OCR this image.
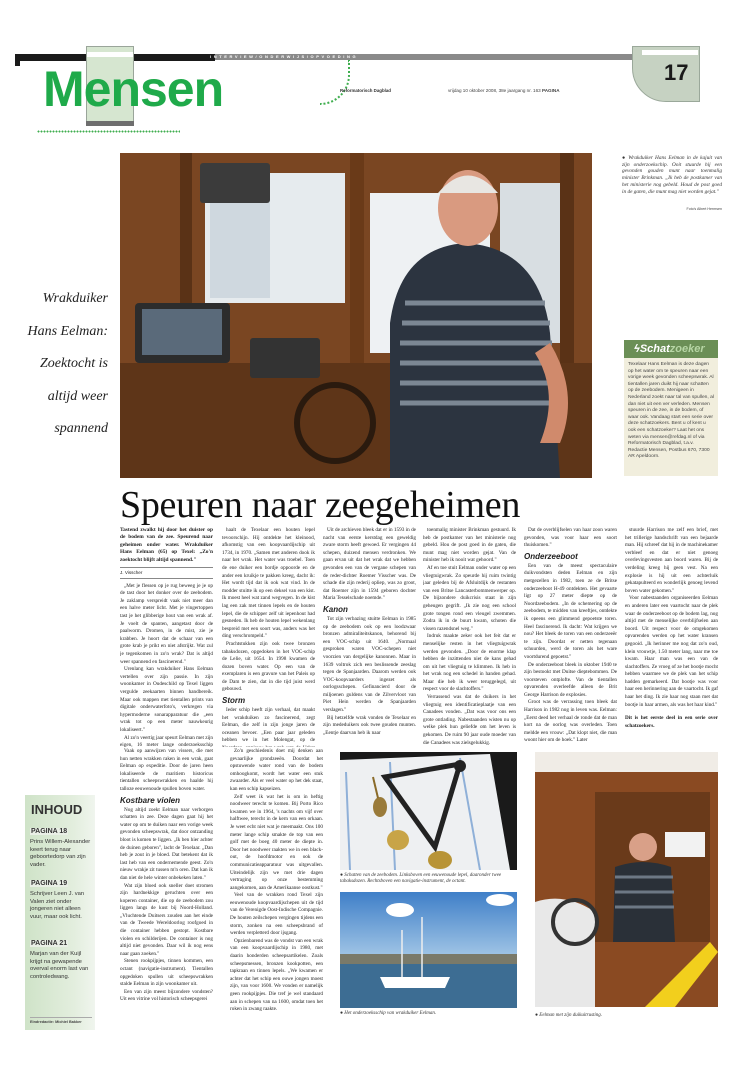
INTERVIEW/ONDERWIJS/OPVOEDING
Mensen	Reformatorisch Dagblad	vrijdag 10 oktober 2008, 38e jaargang nr. 163 PAGINA
17
Wrakduiker
Hans Eelman:
Zoektocht is
altijd weer
spannend
● Wrakduiker Hans Eelman in de kajuit van zijn onderzoekschip. Ooit stuurde hij een gevonden gouden munt naar toenmalig minister Brinkman. „Ik heb de postkamer van het ministerie nog gebeld. Houd de post goed in de gaten, die munt mag niet worden gejat."
Foto's Albert Hermsen
ϟSchatzoeker
Texelaar Hans Eelman is deze dagen op het water om te speuren naar een vorige week gevonden scheepswrak. Al tientallen jaren duikt hij naar schatten op de zeebodem. Menigeen in Nederland zoekt naar tal van spullen, al dan niet uit een ver verleden. Mensen speuren in de zee, in de bodem, of waar ook. Vandaag start een serie over deze schatzoekers. Bent u of kent u ook een schatzoeker? Laat het ons weten via mensen@refdag.nl of via Reformatorisch Dagblad, t.a.v. Redactie Mensen, Postbus 670, 7300 AR Apeldoorn.
Speuren naar zeegeheimen

Tastend zwalkt hij door het duister op de bodem van de zee. Speurend naar geheimen onder water. Wrakduiker Hans Eelman (65) op Texel: „Zo'n zoektocht blijft altijd spannend."

J. Visscher

„Met je flessen op je rug beweeg je je op de tast door het donker over de zeebodem. Je zaklamp verspreidt vaak niet meer dan een halve meter licht. Met je vingertoppen tast je het glibberige hout van een wrak af. Je voelt de spanten, aangetast door de paalworm. Dromen, in de mist, zie je krabben. Je hoort dat de schaar van een grote krab je prikt en niet afstrijkt. Wat zul je tegenkomen in zo'n wrak? Dat is altijd weer spannend en fascinerend."

Urenlang kan wrakduiker Hans Eelman vertellen over zijn passie. In zijn woonkamer in Oudeschild op Texel liggen vergulde zeekaarten binnen handbereik. Maar ook mappen met tientallen prints van digitale onderwaterfoto's, verkregen via hypermoderne sonarapparatuur die „een wrak tot op een meter nauwkeurig lokaliseert."

Al zo'n veertig jaar speurt Eelman met zijn eigen, 16 meter lange onderzoeksschip

Vaak op aanwijzen van vissers, die met hun netten wrakken raken in een wrak, gaat Eelman op expeditie. Door de jaren heen lokaliseerde de maritiem historicus tientallen scheepswrakken en haalde hij talloze eeuwenoude spullen boven water.

Kostbare violen

Nog altijd zoekt Eelman naar verborgen schatten in zee. Deze dagen gaat hij het water op om te duiken naar een vorige week gevonden scheepswrak, dat door ontzanding bloot is komen te liggen. „Ik ben hier achter de duinen geboren", lacht de Texelaar. „Dan heb je zout in je bloed. Dat betekent dat ik last heb van een ondernemende geest. Zo'n nieuw wrakje zit tussen m'n oren. Dat kan ik dan niet de hele winter onbekeken laten."

Wat zijn bloed ook sneller doet stromen zijn hardnekkige geruchten over een koperen container, die op de zeebodem zou liggen langs de kust bij Noord-Holland. „Vluchtende Duitsers zouden aan het einde van de Tweede Wereldoorlog roofgoed in die container hebben gestopt. Kostbare violen en schilderijen. De container is nog altijd niet gevonden. Daar wil ik nog eens naar gaan zoeken."

Stenen rookpijpjes, tinnen kommen, een octant (navigatie-instrument). Tientallen opgedoken spullen uit scheepswrakken stalde Eelman in zijn woonkamer uit.

Een van zijn meest bijzondere vondsten? Uit een vitrine vol historisch scheepsgerei

haalt de Texelaar een houten lepel tevoorschijn. Hij ontdekte het kleinood, afkomstig van een koopvaardijschip uit 1734, in 1970. „Samen met anderen dook ik naar het wrak. Het water was troebel. Toen de ene duiker een bordje oppoorde en de ander een kruikje te pakken kreeg, dacht ik: Het wordt tijd dat ik ook wat vind. In de modder stuitte ik op een deksel van een kist. Ik moest heel wat zand wegvegen. In de kist lag een zak met tinnen lepels en de houten lepel, die de schipper zelf uit iepenhout had gesneden. Ik heb de houten lepel wekenlang bespreid met een soort was, anders was het ding verschrompeld."

Prachtstukken zijn ook twee bronzen tabaksdozen, opgedoken in het VOC-schip de Lelie, uit 1654. In 1998 kwamen de dozen boven water. Op een van de exemplaren is een gravure van het Paleis op de Dam te zien, dat in die tijd juist werd gebouwd.

Storm

Ieder schip heeft zijn verhaal, dat maakt het wrakduiken zo fascinerend, zegt Eelman, die zelf in zijn jonge jaren de oceanen bevoer. „Een paar jaar geleden hebben we in het Molengat, op de

Zo'n geschiedenis doet mij denken aan gevaarlijke grondzeeën. Doordat het opstuwende water rond van de bodem omhoogkomt, wordt het water een stuk zwaarder. Als er veel water op het dek staat, kan een schip kapseizen.

Zelf weet ik wat het is om in heftig noodweer terecht te komen. Bij Porto Rico kwamen we in 1964, 's nachts om vijf over halftwee, terecht in de kern van een orkaan. Je weet echt niet wat je meemaakt. Ons 100 meter lange schip smakte de top van een golf met de boeg 40 meter de diepte in. Door het noodweer raakten we in een black-out, de hoofdmotor en ook de communicatieapparatuur was uitgevallen. Uiteindelijk zijn we met drie dagen vertraging op onze bestemming aangekomen, aan de Amerikaanse oostkust."

Veel van de wrakken rond Texel zijn eeuwenoude koopvaardijschepen uit de tijd van de Verenigde Oost-Indische Compagnie. De houten zeilschepen vergingen tijdens een storm, zonken na een scheepsbrand of werden verpletterd door ijsgang.

Opzienbarend was de vondst van een wrak van een koopvaardijschip in 1980, met daarin honderden scheepsartikelen. Zoals scheepsmessen, bronzen kookpotten, een tapkraan en tinnen lepels. „We kwamen er achter dat het schip een ouwe jongen moest zijn, van voor 1600. We vonden er namelijk geen rookpijpjes. Die tref je wel standaard aan in schepen van na 1600, omdat toen het roken in zwang raakte.

Uit de archieven bleek dat er in 1593 in de nacht van eerste kerstdag een geweldig zware storm heeft gewoed. Er vergingen 44 schepen, duizend mensen verdronken. We gaan ervan uit dat het wrak dat we hebben gevonden een van de vergane schepen van de reder-dichter Roemer Visscher was. De schade die zijn rederij opliep, was zo groot, dat Roemer zijn in 1594 geboren dochter Maria Tesselschade noemde."

Kanon

Tot zijn verbazing stuitte Eelman in 1985 op de zeebodem ook op een loodzwaar bronzen admiraliteitskanon, behorend bij een VOC-schip uit 1640. „Normaal gesproken waren VOC-schepen niet voorzien van dergelijke kanonnen. Maar in 1639 voltrok zich een beslissende zeeslag tegen de Spanjaarden. Daarom werden ook VOC-koopvaarders ingezet als oorlogsschepen. Gefinancierd door de miljoenen guldens van de Zilvervloot van Piet Hein werden de Spanjaarden verslagen."

Bij hetzelfde wrak vonden de Texelaar en zijn mededuikers ook twee gouden munten. „Eentje daarvan heb ik naar

toenmalig minister Brinkman gestuurd. Ik heb de postkamer van het ministerie nog gebeld. Hou de post goed in de gaten, die munt mag niet worden gejat. Van de minister heb ik nooit wat gehoord."

Af en toe stuit Eelman onder water op een vliegtuigwrak. Zo speurde hij ruim twintig jaar geleden bij de Afsluitdijk de restanten van een Britse Lancasterbommenwerper op. De bijzondere duikcrisis staat in zijn geheugen gegrift. „Ik zie nog een school grote tongen rond een vleugel zwemmen. Zodra ik in de buurt kwam, schoten die vissen razendsnel weg."

Indruk maakte zeker ook het feit dat er menselijke resten in het vliegtuigwrak werden gevonden. „Door de enorme klap hebben de inzittenden niet de kans gehad om uit het vliegtuig te klimmen. Ik heb in het wrak nog een schedel in handen gehad. Maar die heb ik weer teruggelegd, uit respect voor de slachtoffers."

Verrassend was dat de duikers in het vliegtuig een identificatieplaatje van een Canadees vonden. „Dat was voor ons een grote ontlading. Nabestaanden wisten nu op welke plek hun geliefde om het leven is gekomen. De ruim 90 jaar oude moeder van die Canadees was zielsgelukkig.

Dat de overblijfselen van haar zoon waren gevonden, was voor haar een soort thuiskomen."

Onderzeeboot

Een van de meest spectaculaire duikvondsten deden Eelman en zijn metgezellen in 1982, toen ze de Britse onderzeeboot H-49 ontdekten. Het gevaarte ligt op 27 meter diepte op de Noordzeebodem. „In de schemering op de zeebodem, te midden van kreeftjes, ontdekte ik opeens een glimmend gepoetste toren. Heel fascinerend. Ik dacht: Wat krijgen we nou? Het bleek de toren van een onderzeeër te zijn. Doordat er netten tegenaan schuurden, werd de toren als het ware voortdurend gepoetst."

De onderzeeboot bleek in oktober 1940 te zijn bestookt met Duitse dieptebommen. De voorsteven ontplofte. Van de tientallen opvarenden overleefde alleen de Brit George Harrison de explosies.

Groot was de verrassing toen bleek dat Harrison in 1982 nog in leven was. Eelman: „Eerst deed het verhaal de ronde dat de man kort na de oorlog was overleden. Toen meldde een vrouw: „Dat klopt niet, die man woont hier om de hoek." Later

stuurde Harrison me zelf een brief, met het trillerige handschrift van een bejaarde man. Hij schreef dat hij in de machinekamer verbleef en dat er niet genoeg overlevingsvesten aan boord waren. Bij de verdeling kreeg hij geen vest. Na een explosie is hij uit een achterluik gekatapulteerd en wonderlijk genoeg levend boven water gekomen."

Voor nabestaanden organiseerden Eelman en anderen later een vaartocht naar de plek waar de onderzeeboot op de bodem lag, nog altijd met de menselijke overblijfselen aan boord. Uit respect voor de omgekomen opvarenden werden op het water kransen gegooid. „Ik herinner me nog dat zo'n oud, klein vrouwtje, 1.50 meter lang, naar me toe kwam. Haar man was een van de slachtoffers. Ze vroeg of ze het bootje mocht hebben waarmee we de plek van het schip hadden gemarkeerd. Dat bootje was voor haar een herinnering aan de vaartocht. Ik gaf haar het ding. Ik zie haar nog staan met dat bootje in haar armen, als was het haar kind."

Dit is het eerste deel in een serie over schatzoekers.

INHOUD
PAGINA 18
Prins Willem-Alexander keert terug naar geboortedorp van zijn vader.
PAGINA 19
Schrijver Leen J. van Valen ziet onder jongeren niet alleen vuur, maar ook licht.
PAGINA 21
Marjan van der Kuijl krijgt na gewapende overval enorm last van controledwang.
Eindredactie: Michiel Bakker
● Schatten van de zeebodem. Linksboven een eeuwenoude lepel, daaronder twee tabaksdozen. Rechtsboven een navigatie-instrument, de octant.
● Het onderzoeksschip van wrakduiker Eelman.	● Eelman met zijn duikuitrusting.
